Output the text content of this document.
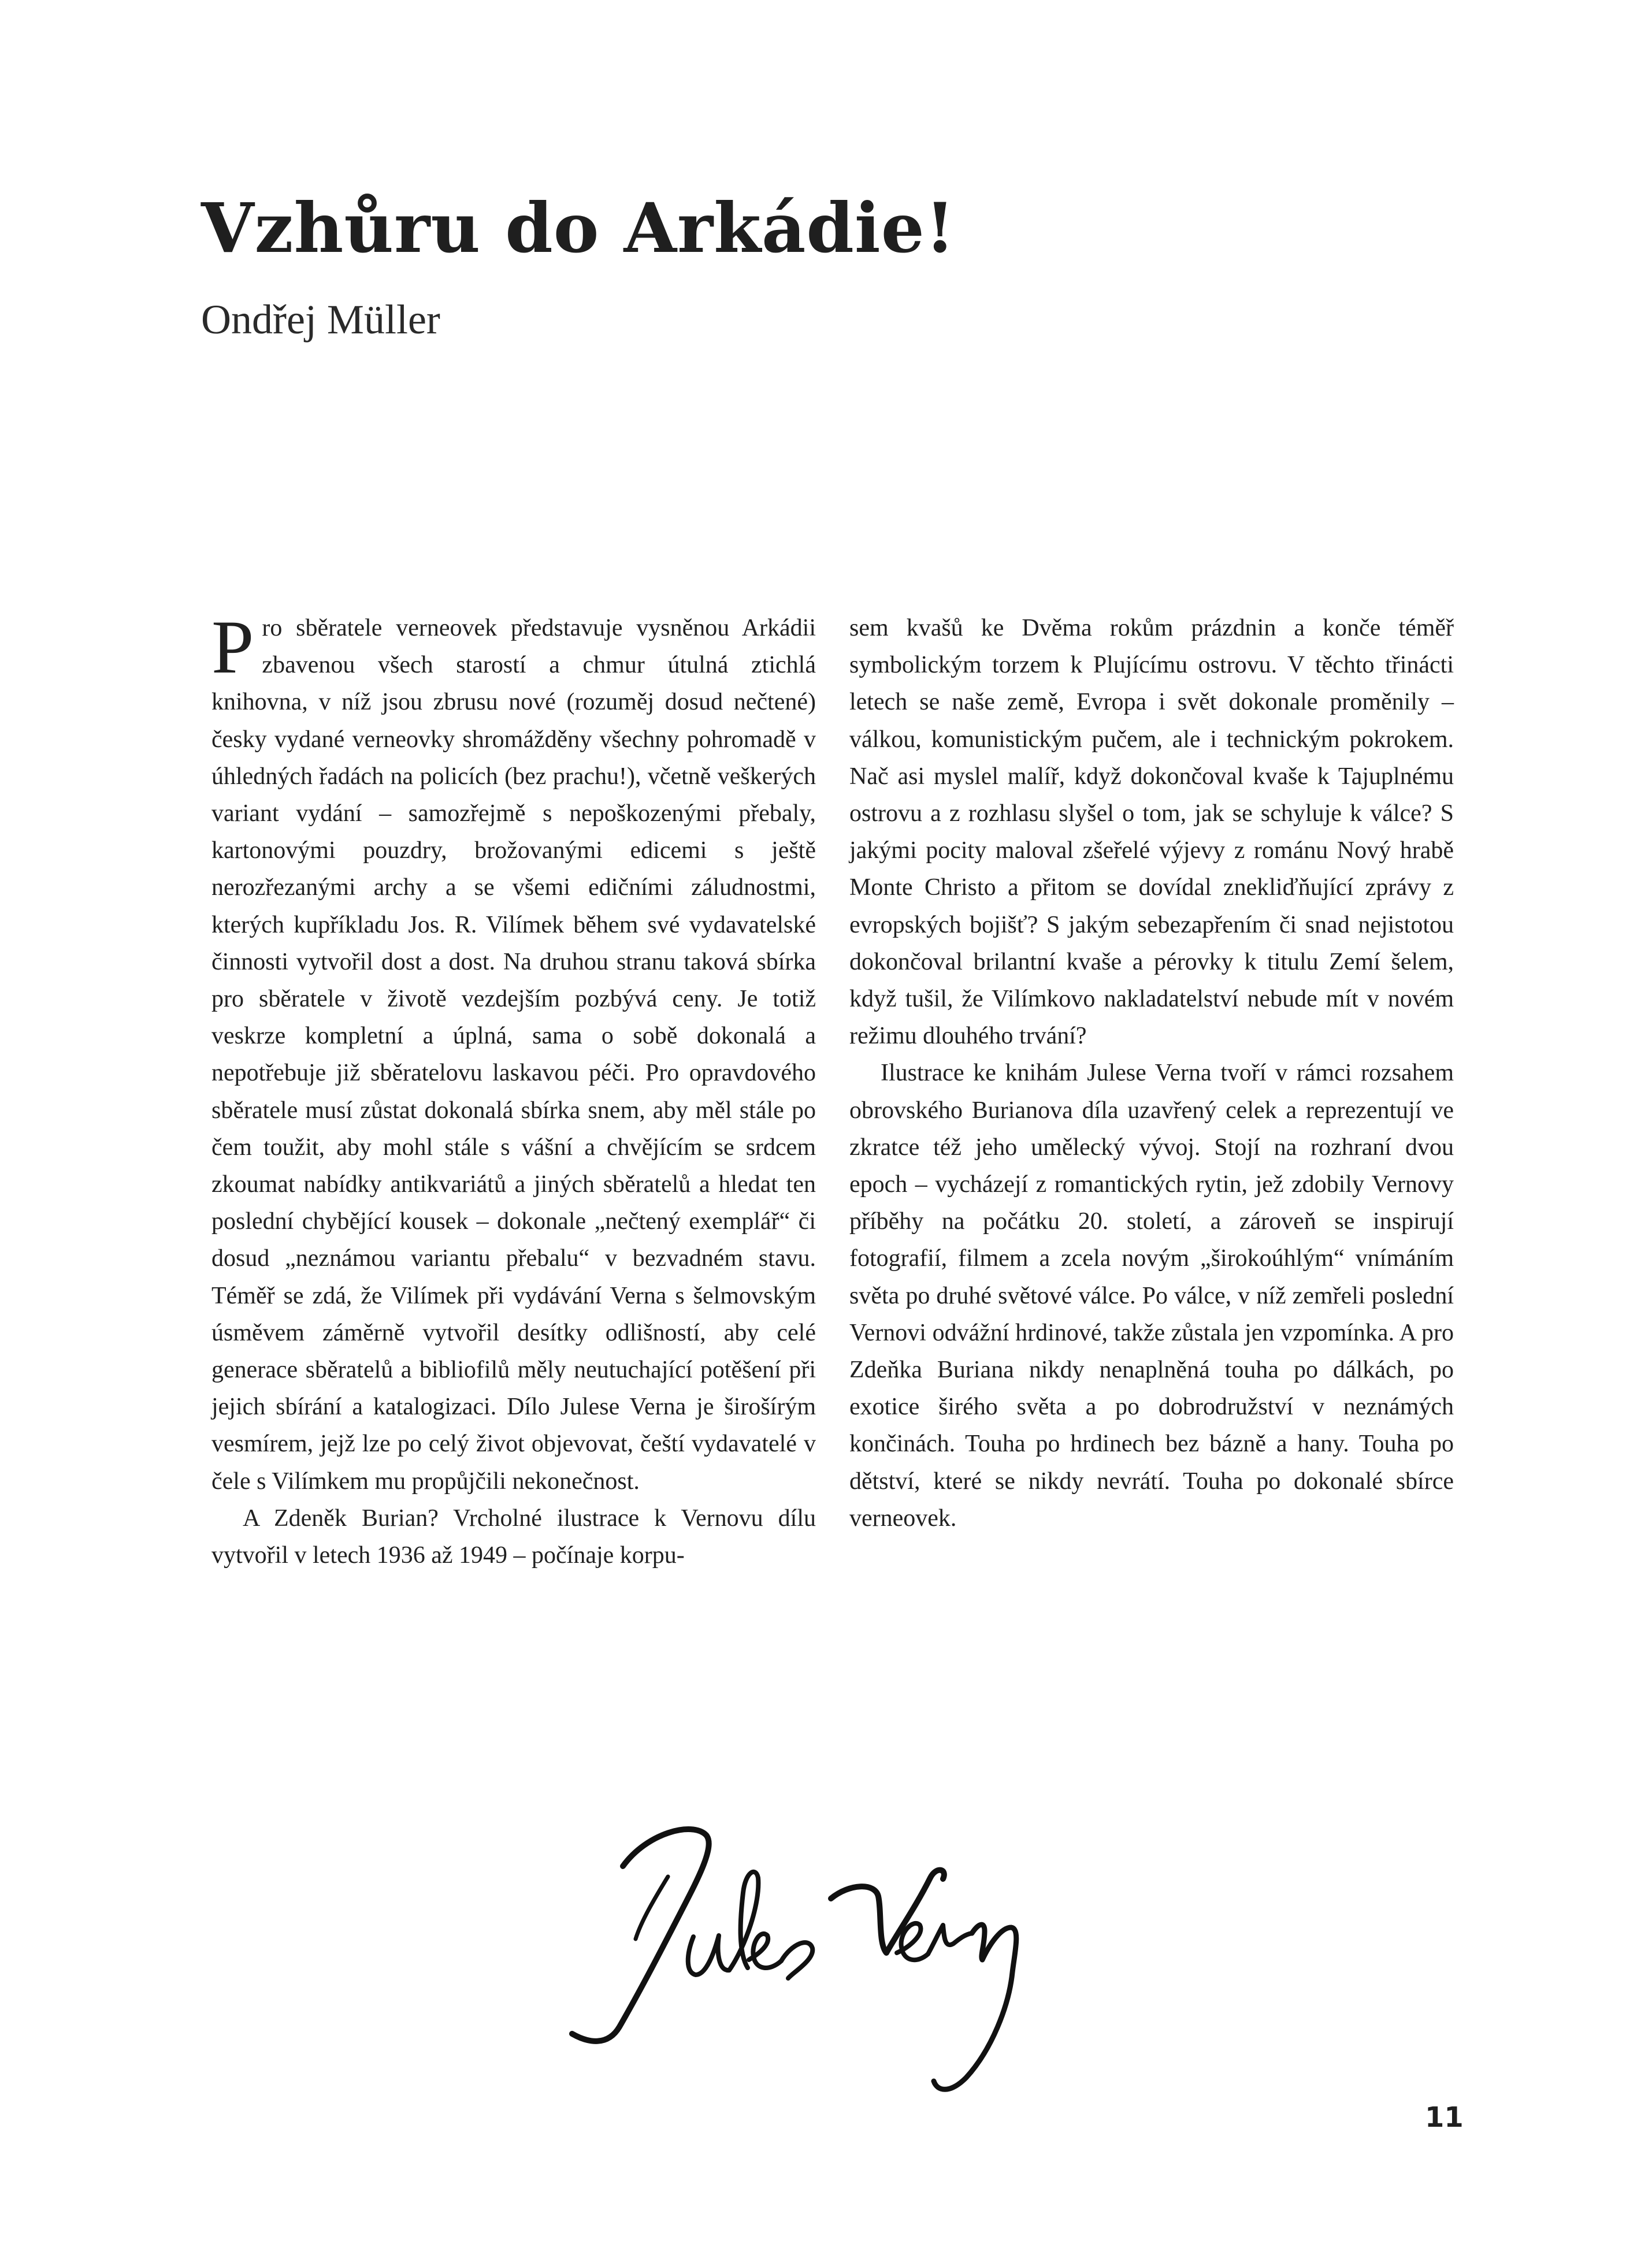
Vzhůru do Arkádie!
Ondřej Müller

Pro sběratele verneovek představuje vysněnou Arkádii zbavenou všech starostí a chmur útulná ztichlá knihovna, v níž jsou zbrusu nové (rozuměj dosud nečtené) česky vydané verneovky shromážděny všechny pohromadě v úhledných řadách na policích (bez prachu!), včetně veškerých variant vydání – samozřejmě s nepoškozenými přebaly, kartonovými pouzdry, brožovanými edicemi s ještě nerozřezanými archy a se všemi edičními záludnostmi, kterých kupříkladu Jos. R. Vilímek během své vydavatelské činnosti vytvořil dost a dost. Na druhou stranu taková sbírka pro sběratele v životě vezdejším pozbývá ceny. Je totiž veskrze kompletní a úplná, sama o sobě dokonalá a nepotřebuje již sběratelovu laskavou péči. Pro opravdového sběratele musí zůstat dokonalá sbírka snem, aby měl stále po čem toužit, aby mohl stále s vášní a chvějícím se srdcem zkoumat nabídky antikvariátů a jiných sběratelů a hledat ten poslední chybějící kousek – dokonale „nečtený exemplář“ či dosud „neznámou variantu přebalu“ v bezvadném stavu. Téměř se zdá, že Vilímek při vydávání Verna s šelmovským úsměvem záměrně vytvořil desítky odlišností, aby celé generace sběratelů a bibliofilů měly neutuchající potěšení při jejich sbírání a katalogizaci. Dílo Julese Verna je širošírým vesmírem, jejž lze po celý život objevovat, čeští vydavatelé v čele s Vilímkem mu propůjčili nekonečnost.

A Zdeněk Burian? Vrcholné ilustrace k Vernovu dílu vytvořil v letech 1936 až 1949 – počínaje korpu-

sem kvašů ke Dvěma rokům prázdnin a konče téměř symbolickým torzem k Plujícímu ostrovu. V těchto třinácti letech se naše země, Evropa i svět dokonale proměnily – válkou, komunistickým pučem, ale i technickým pokrokem. Nač asi myslel malíř, když dokončoval kvaše k Tajuplnému ostrovu a z rozhlasu slyšel o tom, jak se schyluje k válce? S jakými pocity maloval zšeřelé výjevy z románu Nový hrabě Monte Christo a přitom se dovídal znekliďňující zprávy z evropských bojišť? S jakým sebezapřením či snad nejistotou dokončoval brilantní kvaše a pérovky k titulu Zemí šelem, když tušil, že Vilímkovo nakladatelství nebude mít v novém režimu dlouhého trvání?

Ilustrace ke knihám Julese Verna tvoří v rámci rozsahem obrovského Burianova díla uzavřený celek a reprezentují ve zkratce též jeho umělecký vývoj. Stojí na rozhraní dvou epoch – vycházejí z romantických rytin, jež zdobily Vernovy příběhy na počátku 20. století, a zároveň se inspirují fotografií, filmem a zcela novým „širokoúhlým“ vnímáním světa po druhé světové válce. Po válce, v níž zemřeli poslední Vernovi odvážní hrdinové, takže zůstala jen vzpomínka. A pro Zdeňka Buriana nikdy nenaplněná touha po dálkách, po exotice širého světa a po dobrodružství v neznámých končinách. Touha po hrdinech bez bázně a hany. Touha po dětství, které se nikdy nevrátí. Touha po dokonalé sbírce verneovek.

11
